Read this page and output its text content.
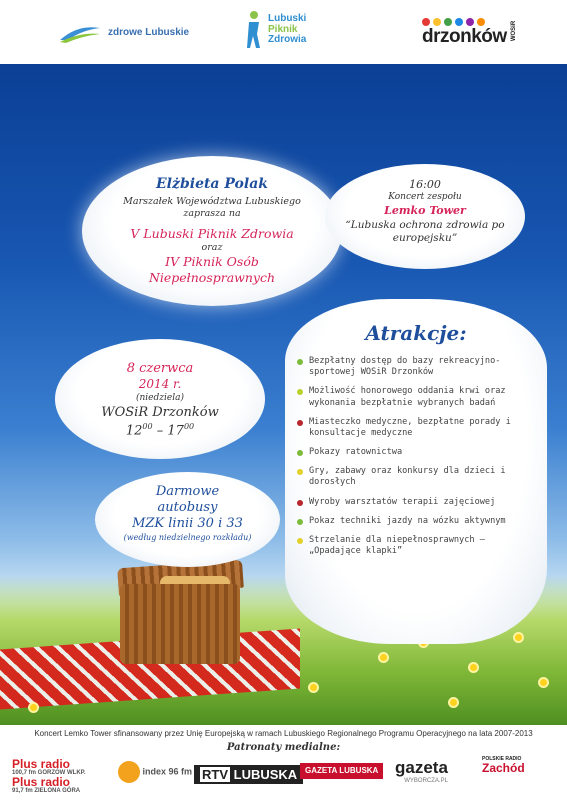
zdrowe Lubuskie
Lubuski
Piknik
Zdrowia	drzonków WOSiR
Elżbieta Polak
Marszałek Województwa Lubuskiego
zaprasza na
V Lubuski Piknik Zdrowia
oraz
IV Piknik Osób
Niepełnosprawnych
16:00
Koncert zespołu
Lemko Tower
“Lubuska ochrona zdrowia po europejsku”
8 czerwca
2014 r.
(niedziela)
WOSiR Drzonków
$12^{00} - 17^{00}$
Darmowe
autobusy
MZK linii 30 i 33
(według niedzielnego rozkładu)
Atrakcje:
Bezpłatny dostęp do bazy rekreacyjno-sportowej WOSiR Drzonków
Możliwość honorowego oddania krwi oraz wykonania bezpłatnie wybranych badań
Miasteczko medyczne, bezpłatne porady i konsultacje medyczne
Pokazy ratownictwa
Gry, zabawy oraz konkursy dla dzieci i dorosłych
Wyroby warsztatów terapii zajęciowej
Pokaz techniki jazdy na wózku aktywnym
Strzelanie dla niepełnosprawnych – „Opadające klapki”
Koncert Lemko Tower sfinansowany przez Unię Europejską w ramach Lubuskiego Regionalnego Programu Operacyjnego na lata 2007-2013
Patronaty medialne:
Plus radio
100,7 fm GORZÓW WLKP.
Plus radio
91,7 fm ZIELONA GÓRA
index 96 fm RTV LUBUSKA GAZETA LUBUSKA gazeta
WYBORCZA.PL
POLSKIE RADIO
Zachód
